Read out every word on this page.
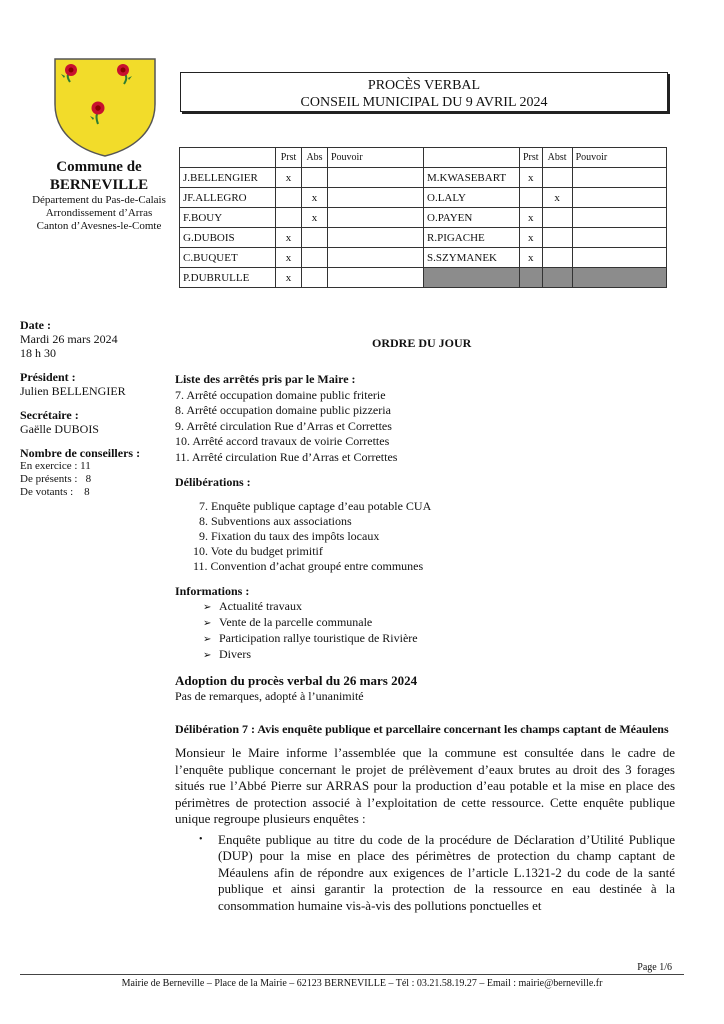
Commune de
BERNEVILLE
Département du Pas-de-Calais
Arrondissement d’Arras
Canton d’Avesnes-le-Comte
PROCÈS VERBAL
CONSEIL MUNICIPAL DU 9 AVRIL 2024
	Prst	Abs	Pouvoir		Prst	Abst	Pouvoir
J.BELLENGIER	x			M.KWASEBART	x		
JF.ALLEGRO		x		O.LALY		x	
F.BOUY		x		O.PAYEN	x		
G.DUBOIS	x			R.PIGACHE	x		
C.BUQUET	x			S.SZYMANEK	x		
P.DUBRULLE	x						
Date :
Mardi 26 mars 2024
18 h 30
Président :
Julien BELLENGIER
Secrétaire :
Gaëlle DUBOIS
Nombre de conseillers :
En exercice : 11
De présents :   8
De votants :    8
ORDRE DU JOUR
Liste des arrêtés pris par le Maire :
7. Arrêté occupation domaine public friterie
8. Arrêté occupation domaine public pizzeria
9. Arrêté circulation Rue d’Arras et Correttes
10. Arrêté accord travaux de voirie Correttes
11. Arrêté circulation Rue d’Arras et Correttes
Délibérations :
7. Enquête publique captage d’eau potable CUA
8. Subventions aux associations
9. Fixation du taux des impôts locaux
10. Vote du budget primitif
11. Convention d’achat groupé entre communes
Informations :
➢ Actualité travaux
➢ Vente de la parcelle communale
➢ Participation rallye touristique de Rivière
➢ Divers
Adoption du procès verbal du 26 mars 2024
Pas de remarques, adopté à l’unanimité
Délibération 7 : Avis enquête publique et parcellaire concernant les champs captant de Méaulens
Monsieur le Maire informe l’assemblée que la commune est consultée dans le cadre de l’enquête publique concernant le projet de prélèvement d’eaux brutes au droit des 3 forages situés rue l’Abbé Pierre sur ARRAS pour la production d’eau potable et la mise en place des périmètres de protection associé à l’exploitation de cette ressource. Cette enquête publique unique regroupe plusieurs enquêtes :
• Enquête publique au titre du code de la procédure de Déclaration d’Utilité Publique (DUP) pour la mise en place des périmètres de protection du champ captant de Méaulens afin de répondre aux exigences de l’article L.1321-2 du code de la santé publique et ainsi garantir la protection de la ressource en eau destinée à la consommation humaine vis-à-vis des pollutions ponctuelles et
Page 1/6
Mairie de Berneville – Place de la Mairie – 62123 BERNEVILLE – Tél : 03.21.58.19.27 – Email : mairie@berneville.fr
